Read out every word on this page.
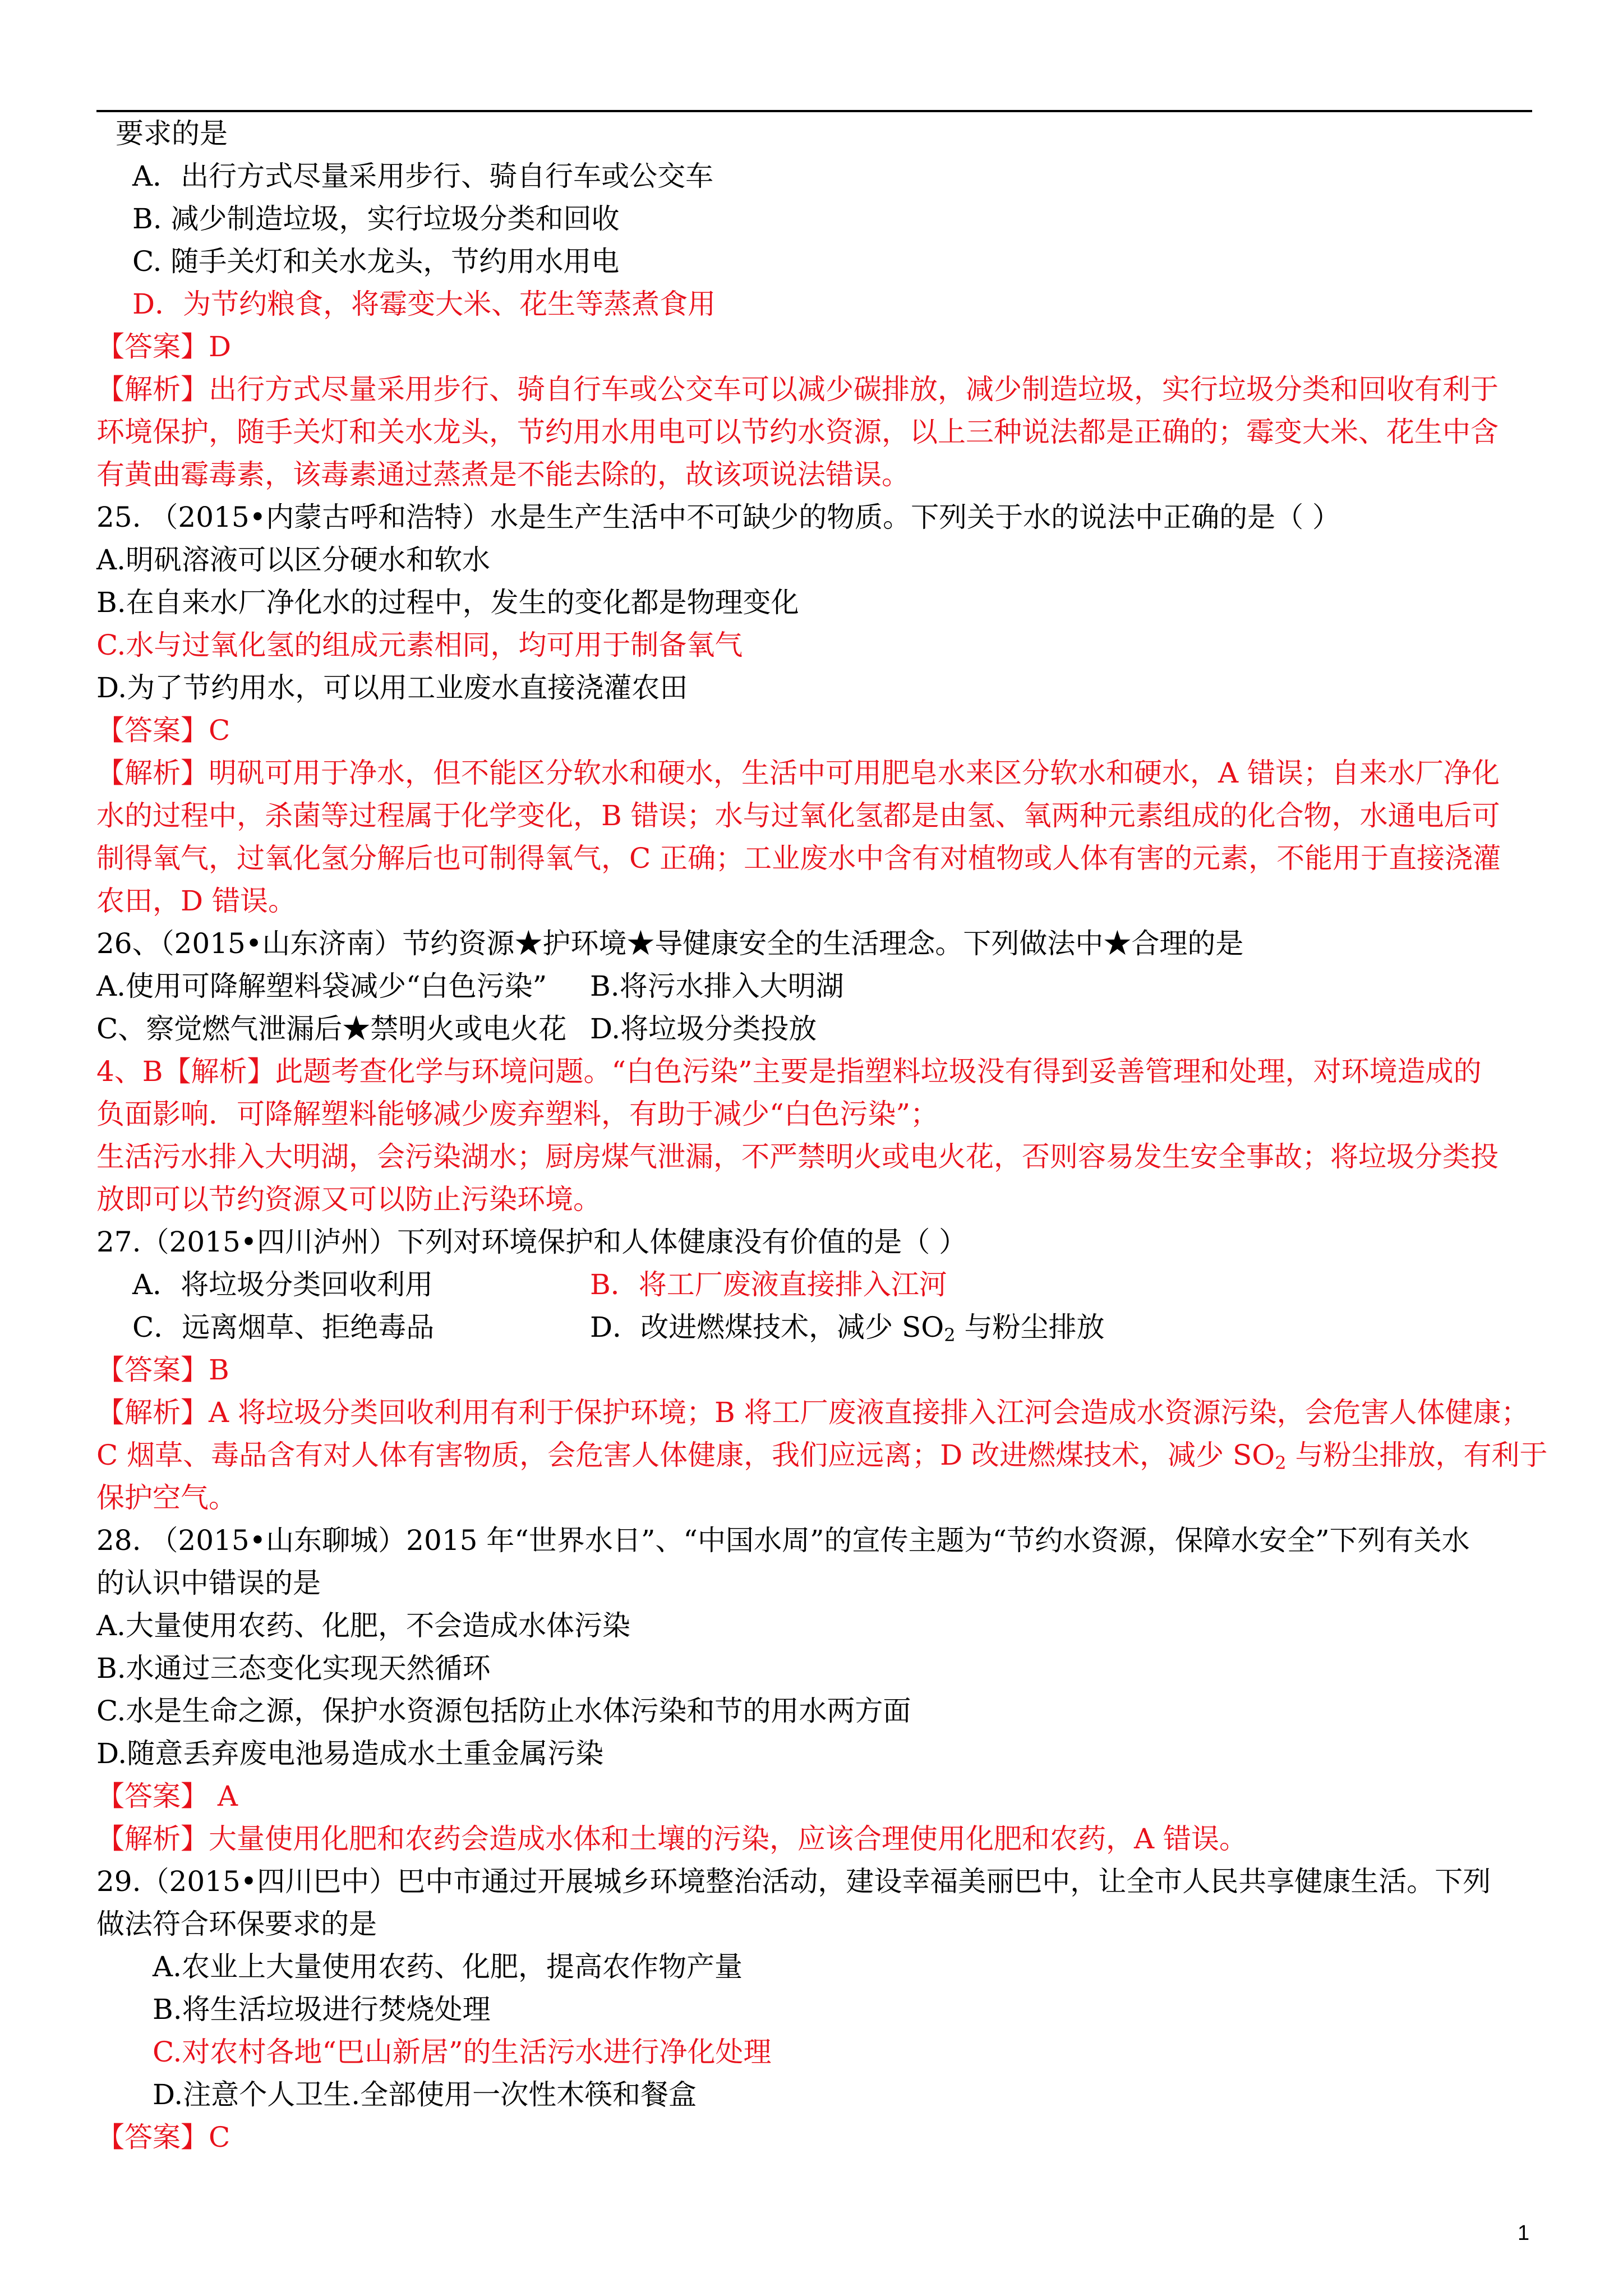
要求的是
A．出行方式尽量采用步行、骑自行车或公交车
B. 减少制造垃圾，实行垃圾分类和回收
C. 随手关灯和关水龙头，节约用水用电
D．为节约粮食，将霉变大米、花生等蒸煮食用
【答案】D
【解析】出行方式尽量采用步行、骑自行车或公交车可以减少碳排放，减少制造垃圾，实行垃圾分类和回收有利于
环境保护，随手关灯和关水龙头，节约用水用电可以节约水资源，以上三种说法都是正确的；霉变大米、花生中含
有黄曲霉毒素，该毒素通过蒸煮是不能去除的，故该项说法错误。
25. （2015•内蒙古呼和浩特）水是生产生活中不可缺少的物质。下列关于水的说法中正确的是（ ）
A.明矾溶液可以区分硬水和软水
B.在自来水厂净化水的过程中，发生的变化都是物理变化
C.水与过氧化氢的组成元素相同，均可用于制备氧气
D.为了节约用水，可以用工业废水直接浇灌农田
【答案】C
【解析】明矾可用于净水，但不能区分软水和硬水，生活中可用肥皂水来区分软水和硬水，A 错误；自来水厂净化
水的过程中，杀菌等过程属于化学变化，B 错误；水与过氧化氢都是由氢、氧两种元素组成的化合物，水通电后可
制得氧气，过氧化氢分解后也可制得氧气，C 正确；工业废水中含有对植物或人体有害的元素，不能用于直接浇灌
农田，D 错误。
26、（2015•山东济南）节约资源★护环境★导健康安全的生活理念。下列做法中★合理的是
A.使用可降解塑料袋减少“白色污染” B.将污水排入大明湖
C、察觉燃气泄漏后★禁明火或电火花 D.将垃圾分类投放
4、B【解析】此题考查化学与环境问题。“白色污染”主要是指塑料垃圾没有得到妥善管理和处理，对环境造成的
负面影响．可降解塑料能够减少废弃塑料，有助于减少“白色污染”；
生活污水排入大明湖，会污染湖水；厨房煤气泄漏，不严禁明火或电火花，否则容易发生安全事故；将垃圾分类投
放即可以节约资源又可以防止污染环境。
27.（2015•四川泸州）下列对环境保护和人体健康没有价值的是（ ）
A．将垃圾分类回收利用	B．将工厂废液直接排入江河
C．远离烟草、拒绝毒品	D．改进燃煤技术，减少 $SO_2$ 与粉尘排放
【答案】B
【解析】A 将垃圾分类回收利用有利于保护环境；B 将工厂废液直接排入江河会造成水资源污染，会危害人体健康；
C 烟草、毒品含有对人体有害物质，会危害人体健康，我们应远离；D 改进燃煤技术，减少 $SO_2$ 与粉尘排放，有利于
保护空气。
28. （2015•山东聊城）2015 年“世界水日”、“中国水周”的宣传主题为“节约水资源，保障水安全”下列有关水
的认识中错误的是
A.大量使用农药、化肥，不会造成水体污染
B.水通过三态变化实现天然循环
C.水是生命之源，保护水资源包括防止水体污染和节的用水两方面
D.随意丢弃废电池易造成水土重金属污染
【答案】 A
【解析】大量使用化肥和农药会造成水体和土壤的污染，应该合理使用化肥和农药，A 错误。
29.（2015•四川巴中）巴中市通过开展城乡环境整治活动，建设幸福美丽巴中，让全市人民共享健康生活。下列
做法符合环保要求的是
A.农业上大量使用农药、化肥，提高农作物产量
B.将生活垃圾进行焚烧处理
C.对农村各地“巴山新居”的生活污水进行净化处理
D.注意个人卫生.全部使用一次性木筷和餐盒
【答案】C
1
